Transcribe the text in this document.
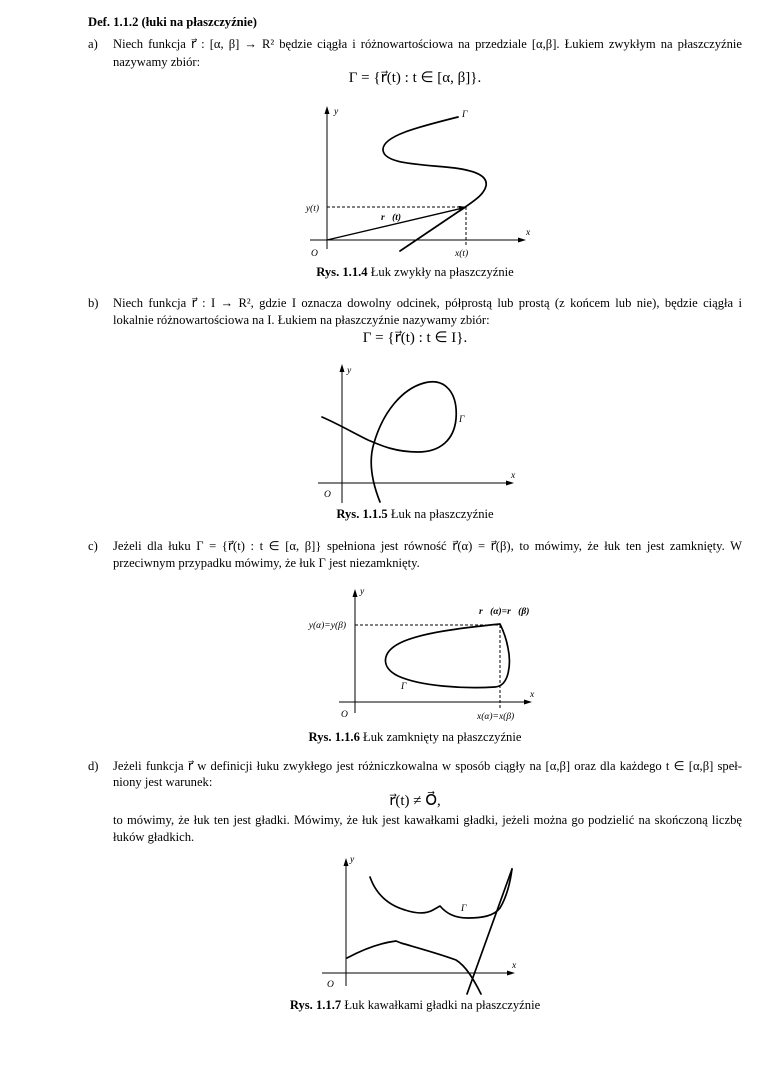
Def. 1.1.2 (łuki na płaszczyźnie)
a) Niech funkcja r⃗ : [α, β] → R² będzie ciągła i różnowartościowa na przedziale [α,β]. Łukiem zwykłym na płaszczyźnie
nazywamy zbiór:
Γ = {r⃗(t) : t ∈ [α, β]}.
y
x
O
Γ
y(t)
x(t)
r⃗(t)
Rys. 1.1.4 Łuk zwykły na płaszczyźnie
b) Niech funkcja r⃗ : I → R², gdzie I oznacza dowolny odcinek, półprostą lub prostą (z końcem lub nie), będzie ciągła i
lokalnie różnowartościowa na I. Łukiem na płaszczyźnie nazywamy zbiór:
Γ = {r⃗(t) : t ∈ I}.
y
x
O
Γ
Rys. 1.1.5 Łuk na płaszczyźnie
c) Jeżeli dla łuku Γ = {r⃗(t) : t ∈ [α, β]} spełniona jest równość r⃗(α) = r⃗(β), to mówimy, że łuk ten jest zamknięty. W
przeciwnym przypadku mówimy, że łuk Γ jest niezamknięty.
y
x
O
Γ
r⃗(α)=r⃗(β)
y(α)=y(β)
x(α)=x(β)
Rys. 1.1.6 Łuk zamknięty na płaszczyźnie
d) Jeżeli funkcja r⃗ w definicji łuku zwykłego jest różniczkowalna w sposób ciągły na [α,β] oraz dla każdego t ∈ [α,β] speł-
niony jest warunek:
r⃗(t) ≠ O⃗,
to mówimy, że łuk ten jest gładki. Mówimy, że łuk jest kawałkami gładki, jeżeli można go podzielić na skończoną liczbę
łuków gładkich.
y
x
O
Γ
Rys. 1.1.7 Łuk kawałkami gładki na płaszczyźnie
